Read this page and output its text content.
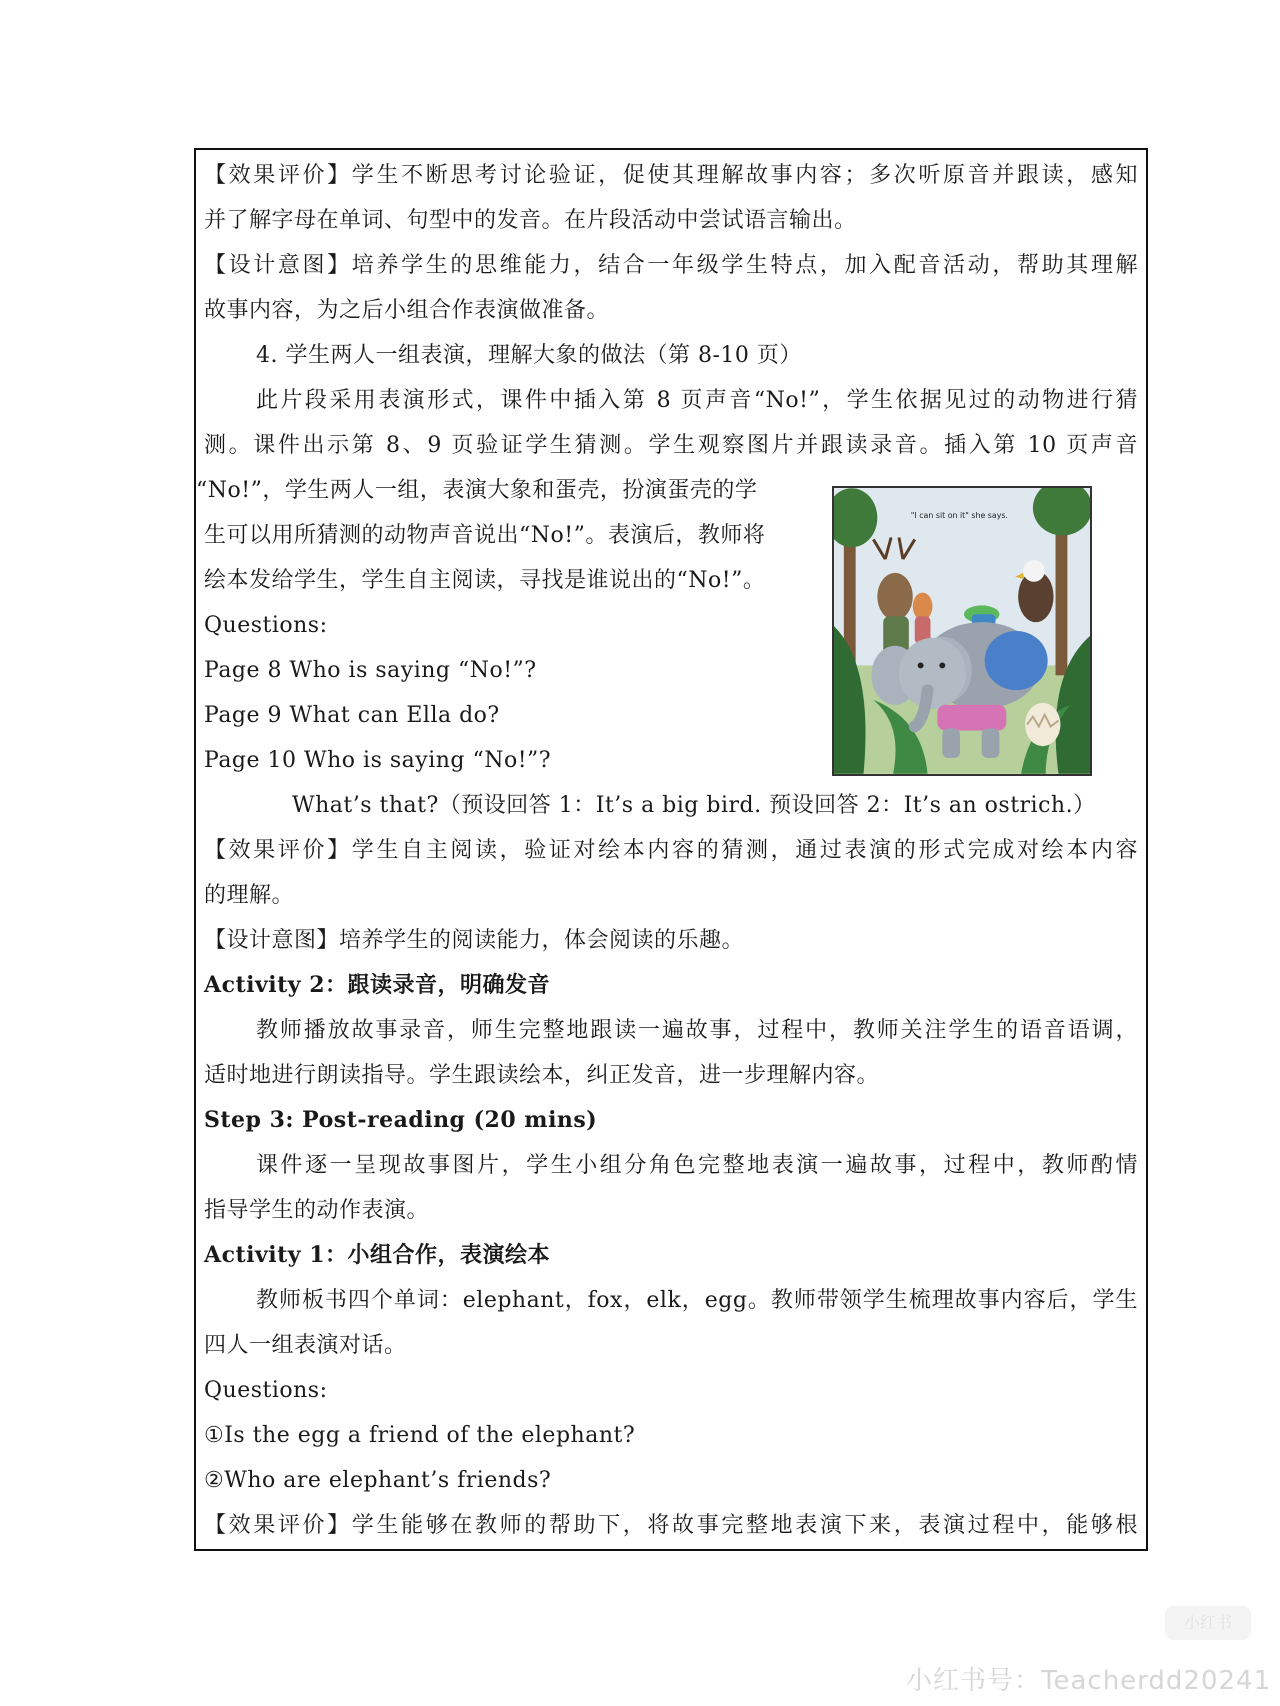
【效果评价】学生不断思考讨论验证，促使其理解故事内容；多次听原音并跟读，感知
并了解字母在单词、句型中的发音。在片段活动中尝试语言输出。
【设计意图】培养学生的思维能力，结合一年级学生特点，加入配音活动，帮助其理解
故事内容，为之后小组合作表演做准备。
4. 学生两人一组表演，理解大象的做法（第 8-10 页）
此片段采用表演形式，课件中插入第 8 页声音“No!”，学生依据见过的动物进行猜
测。课件出示第 8、9 页验证学生猜测。学生观察图片并跟读录音。插入第 10 页声音
“No!”，学生两人一组，表演大象和蛋壳，扮演蛋壳的学
生可以用所猜测的动物声音说出“No!”。表演后，教师将
绘本发给学生，学生自主阅读，寻找是谁说出的“No!”。
Questions:
Page 8 Who is saying “No!”?
Page 9 What can Ella do?
Page 10 Who is saying “No!”?
What’s that?（预设回答 1：It’s a big bird. 预设回答 2：It’s an ostrich.）
【效果评价】学生自主阅读，验证对绘本内容的猜测，通过表演的形式完成对绘本内容
的理解。
【设计意图】培养学生的阅读能力，体会阅读的乐趣。
Activity 2：跟读录音，明确发音
教师播放故事录音，师生完整地跟读一遍故事，过程中，教师关注学生的语音语调，
适时地进行朗读指导。学生跟读绘本，纠正发音，进一步理解内容。
Step 3: Post-reading (20 mins)
课件逐一呈现故事图片，学生小组分角色完整地表演一遍故事，过程中，教师酌情
指导学生的动作表演。
Activity 1：小组合作，表演绘本
教师板书四个单词：elephant，fox，elk，egg。教师带领学生梳理故事内容后，学生
四人一组表演对话。
Questions:
①Is the egg a friend of the elephant?
②Who are elephant’s friends?
【效果评价】学生能够在教师的帮助下，将故事完整地表演下来，表演过程中，能够根
"I can sit on it" she says.
小红书
小红书号：Teacherdd20241
